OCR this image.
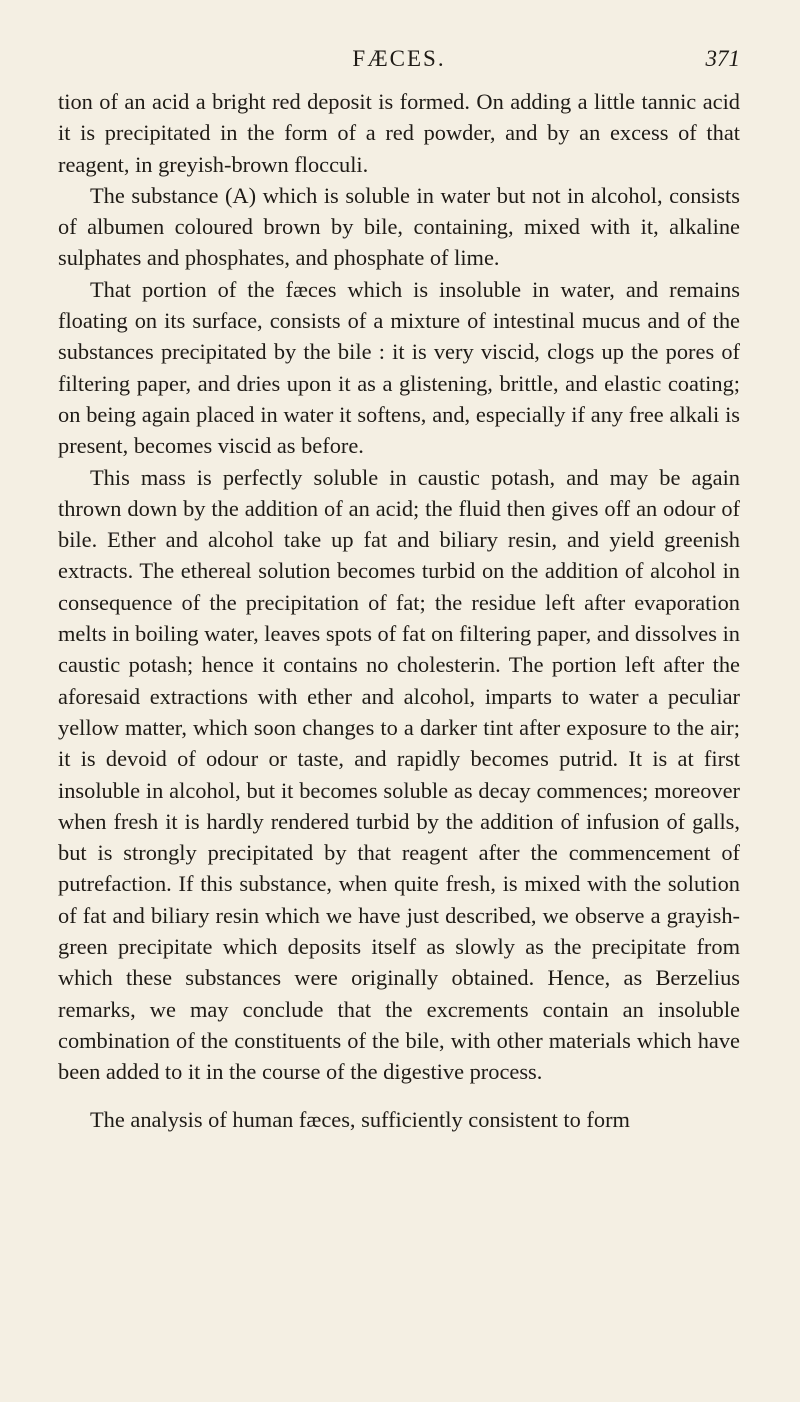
FÆCES.	371

tion of an acid a bright red deposit is formed. On adding a little tannic acid it is precipitated in the form of a red powder, and by an excess of that reagent, in greyish-brown flocculi.

The substance (A) which is soluble in water but not in alcohol, consists of albumen coloured brown by bile, containing, mixed with it, alkaline sulphates and phosphates, and phosphate of lime.

That portion of the fæces which is insoluble in water, and remains floating on its surface, consists of a mixture of intestinal mucus and of the substances precipitated by the bile : it is very viscid, clogs up the pores of filtering paper, and dries upon it as a glistening, brittle, and elastic coating; on being again placed in water it softens, and, especially if any free alkali is present, becomes viscid as before.

This mass is perfectly soluble in caustic potash, and may be again thrown down by the addition of an acid; the fluid then gives off an odour of bile. Ether and alcohol take up fat and biliary resin, and yield greenish extracts. The ethereal solution becomes turbid on the addition of alcohol in consequence of the precipitation of fat; the residue left after evaporation melts in boiling water, leaves spots of fat on filtering paper, and dissolves in caustic potash; hence it contains no cholesterin. The portion left after the aforesaid extractions with ether and alcohol, imparts to water a peculiar yellow matter, which soon changes to a darker tint after exposure to the air; it is devoid of odour or taste, and rapidly becomes putrid. It is at first insoluble in alcohol, but it becomes soluble as decay commences; moreover when fresh it is hardly rendered turbid by the addition of infusion of galls, but is strongly precipitated by that reagent after the commencement of putrefaction. If this substance, when quite fresh, is mixed with the solution of fat and biliary resin which we have just described, we observe a grayish-green precipitate which deposits itself as slowly as the precipitate from which these substances were originally obtained. Hence, as Berzelius remarks, we may conclude that the excrements contain an insoluble combination of the constituents of the bile, with other materials which have been added to it in the course of the digestive process.

The analysis of human fæces, sufficiently consistent to form
